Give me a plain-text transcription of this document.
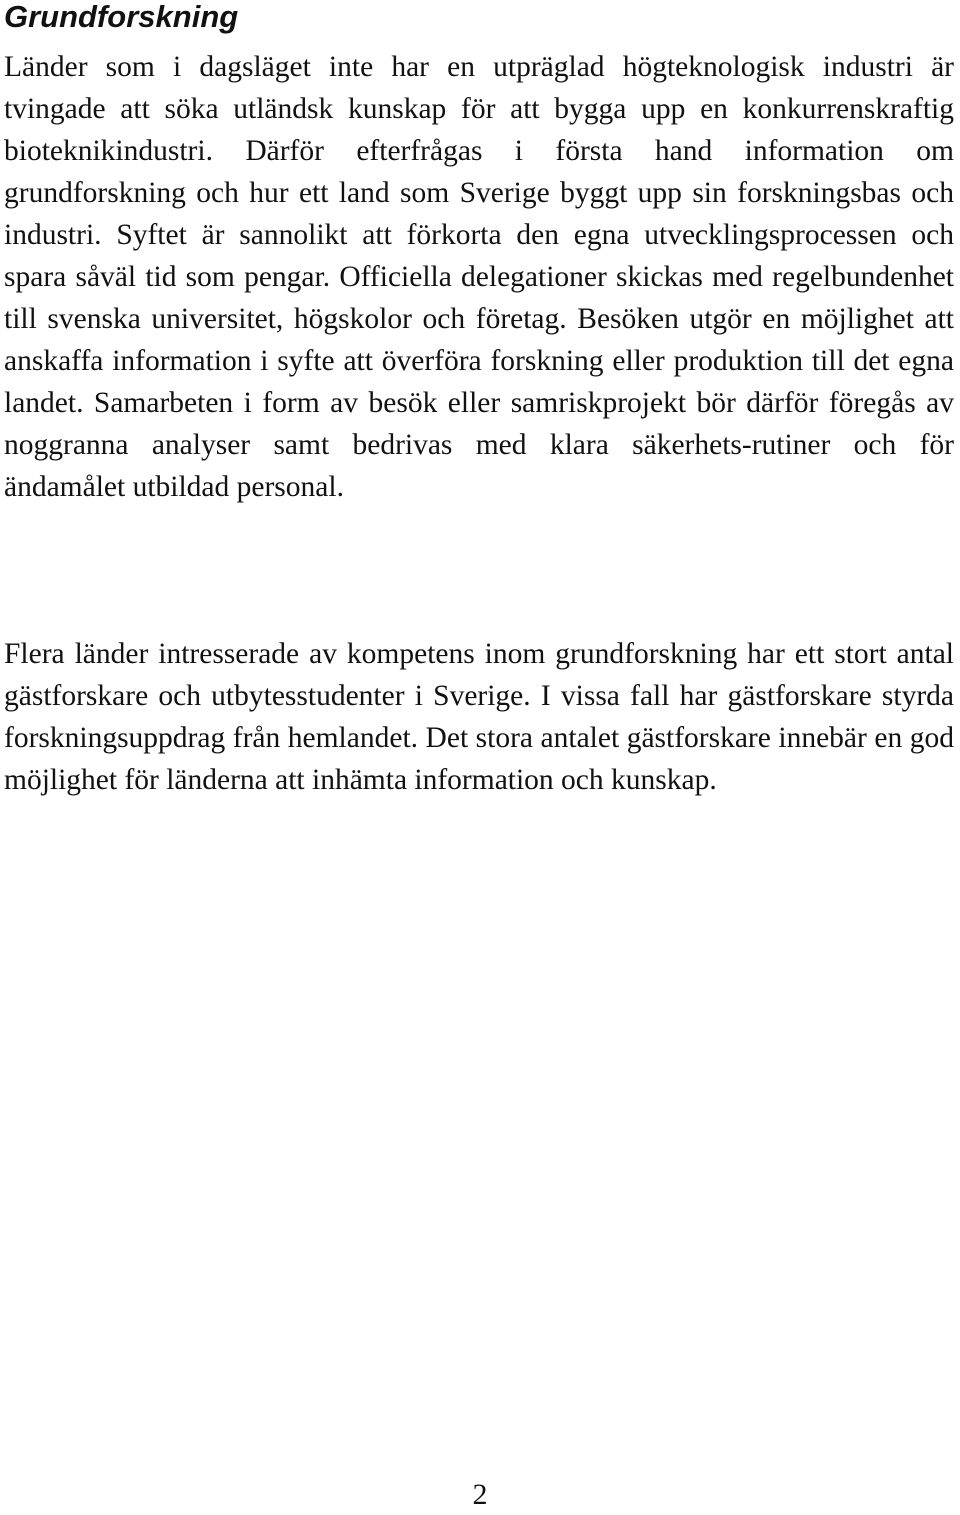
Grundforskning

Länder som i dagsläget inte har en utpräglad högteknologisk industri är tvingade att söka utländsk kunskap för att bygga upp en konkurrenskraftig bioteknikindustri. Därför efterfrågas i första hand information om grundforskning och hur ett land som Sverige byggt upp sin forskningsbas och industri. Syftet är sannolikt att förkorta den egna utvecklingsprocessen och spara såväl tid som pengar. Officiella delegationer skickas med regelbundenhet till svenska universitet, högskolor och företag. Besöken utgör en möjlighet att anskaffa information i syfte att överföra forskning eller produktion till det egna landet. Samarbeten i form av besök eller samriskprojekt bör därför föregås av noggranna analyser samt bedrivas med klara säkerhets-rutiner och för ändamålet utbildad personal.

Flera länder intresserade av kompetens inom grundforskning har ett stort antal gästforskare och utbytesstudenter i Sverige. I vissa fall har gästforskare styrda forskningsuppdrag från hemlandet. Det stora antalet gästforskare innebär en god möjlighet för länderna att inhämta information och kunskap.

2
